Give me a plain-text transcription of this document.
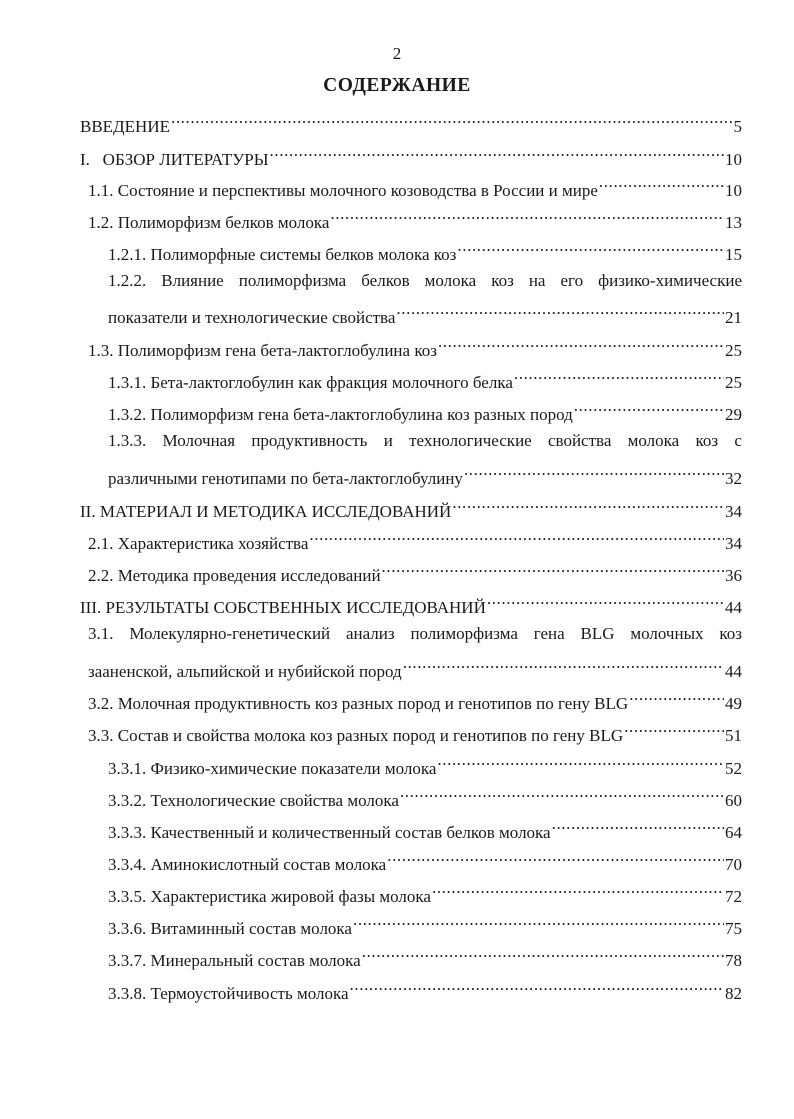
2
СОДЕРЖАНИЕ
ВВЕДЕНИЕ .....	5
I.   ОБЗОР ЛИТЕРАТУРЫ .....	10
1.1. Состояние и перспективы молочного козоводства в России и мире .....	10
1.2. Полиморфизм белков молока .....	13
1.2.1. Полиморфные системы белков молока коз .....	15
1.2.2. Влияние полиморфизма белков молока коз на его физико-химические
показатели и технологические свойства .....	21
1.3. Полиморфизм гена бета-лактоглобулина коз .....	25
1.3.1. Бета-лактоглобулин как фракция молочного белка .....	25
1.3.2. Полиморфизм гена бета-лактоглобулина коз разных пород .....	29
1.3.3. Молочная продуктивность и технологические свойства молока коз с
различными генотипами по бета-лактоглобулину .....	32
II. МАТЕРИАЛ И МЕТОДИКА ИССЛЕДОВАНИЙ .....	34
2.1. Характеристика хозяйства .....	34
2.2. Методика проведения исследований .....	36
III. РЕЗУЛЬТАТЫ СОБСТВЕННЫХ ИССЛЕДОВАНИЙ .....	44
3.1. Молекулярно-генетический анализ полиморфизма гена BLG молочных коз
зааненской, альпийской и нубийской пород .....	44
3.2. Молочная продуктивность коз разных пород и генотипов по гену BLG .....	49
3.3. Состав и свойства молока коз разных пород и генотипов по гену BLG .....	51
3.3.1. Физико-химические показатели молока .....	52
3.3.2. Технологические свойства молока .....	60
3.3.3. Качественный и количественный состав белков молока .....	64
3.3.4. Аминокислотный состав молока .....	70
3.3.5. Характеристика жировой фазы молока .....	72
3.3.6. Витаминный состав молока .....	75
3.3.7. Минеральный состав молока .....	78
3.3.8. Термоустойчивость молока .....	82
